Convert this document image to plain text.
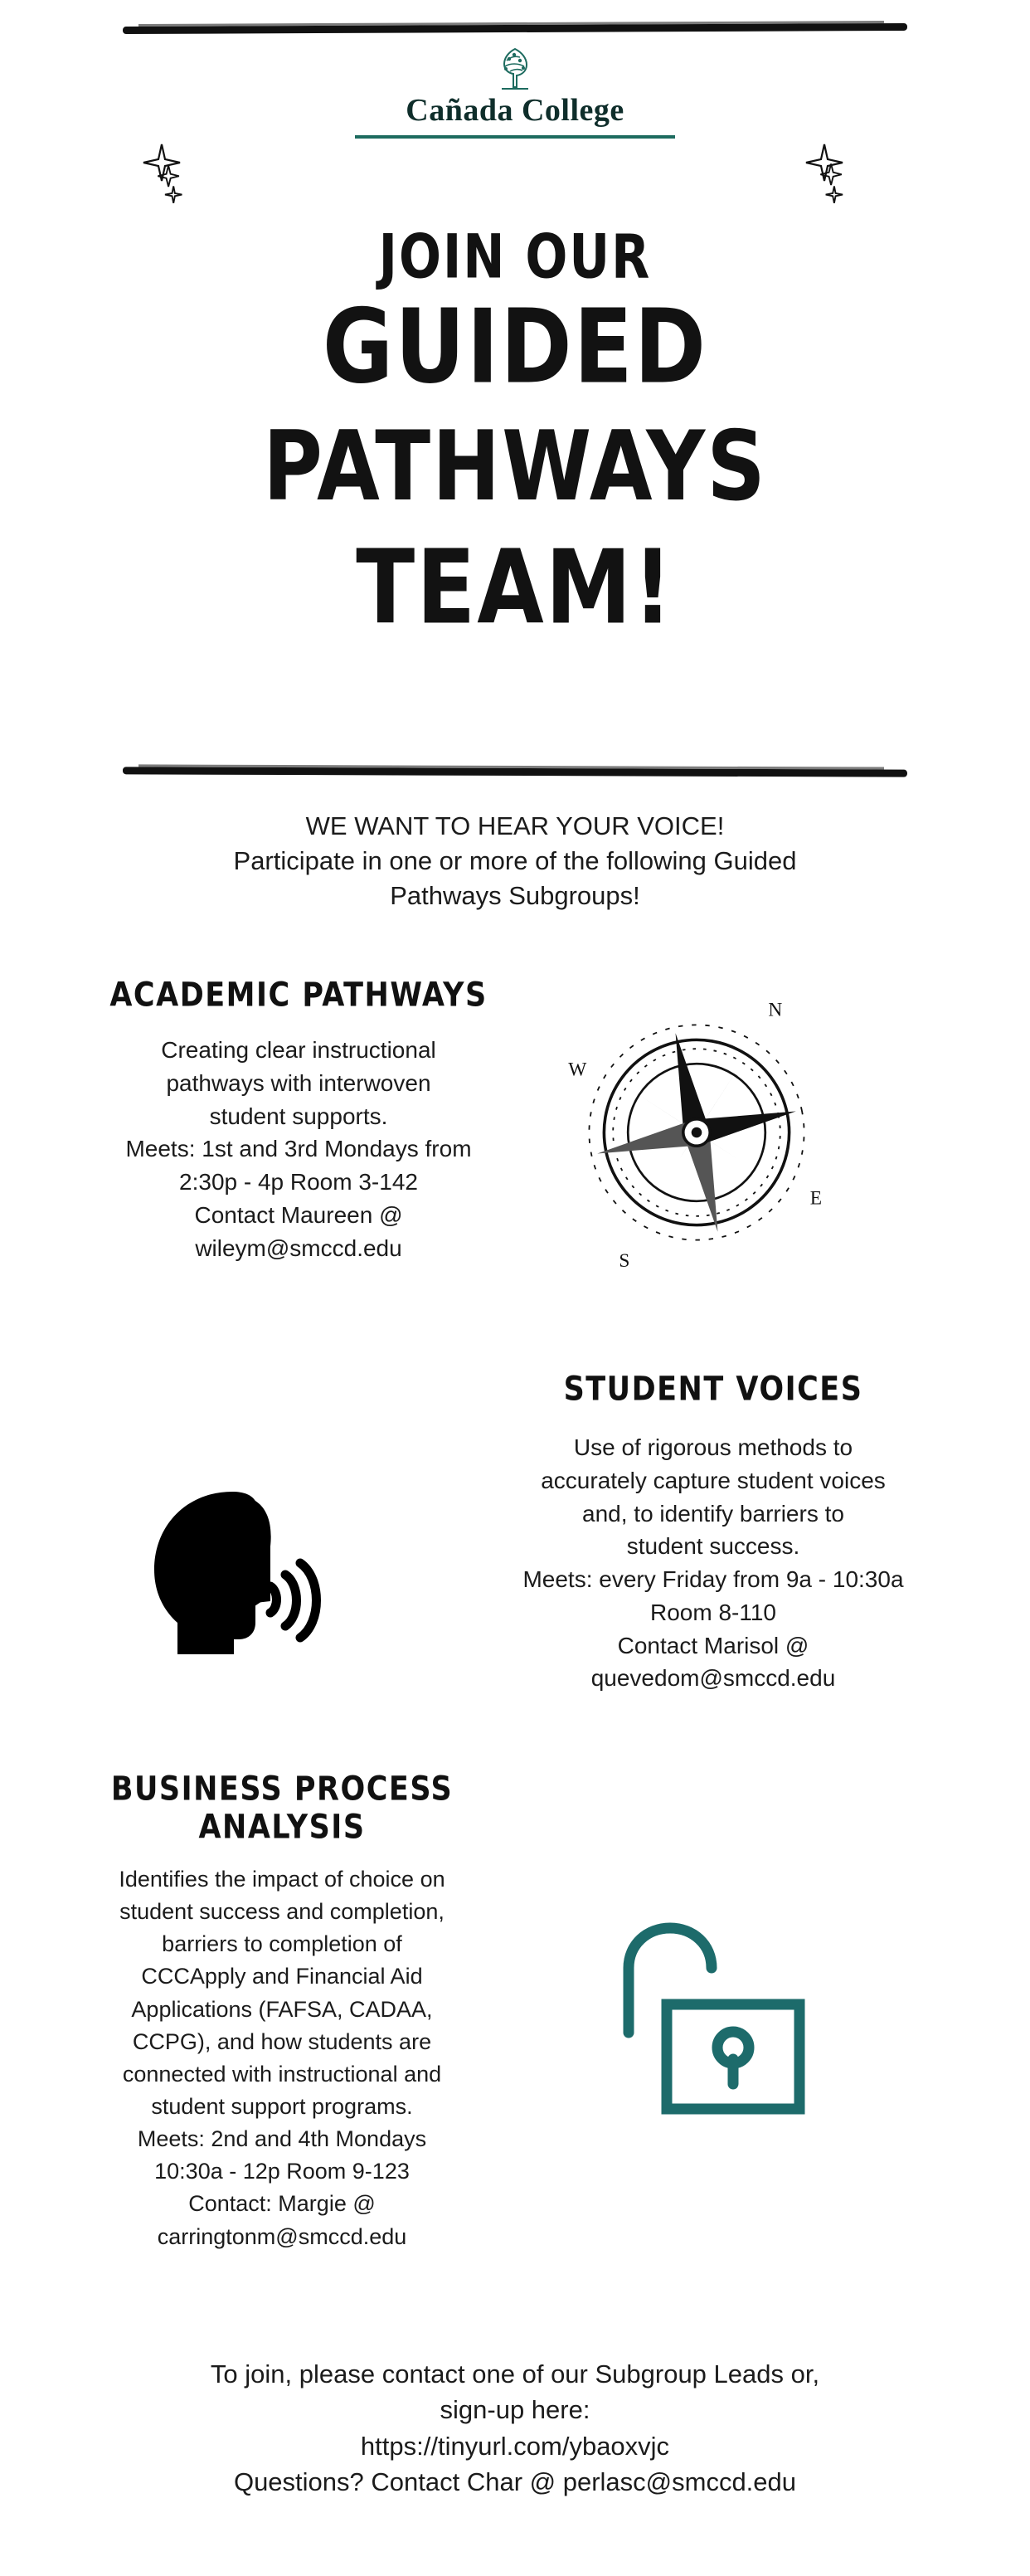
Cañada College
JOIN OUR
GUIDED
PATHWAYS
TEAM!
WE WANT TO HEAR YOUR VOICE!
Participate in one or more of the following Guided
Pathways Subgroups!
ACADEMIC PATHWAYS
Creating clear instructional
pathways with interwoven
student supports.
Meets: 1st and 3rd Mondays from
2:30p - 4p Room 3-142
Contact Maureen @
wileym@smccd.edu
N
W
E
S
STUDENT VOICES
Use of rigorous methods to
accurately capture student voices
and, to identify barriers to
student success.
Meets: every Friday from 9a - 10:30a
Room 8-110
Contact Marisol @
quevedom@smccd.edu
BUSINESS PROCESS ANALYSIS
Identifies the impact of choice on
student success and completion,
barriers to completion of
CCCApply and Financial Aid
Applications (FAFSA, CADAA,
CCPG), and how students are
connected with instructional and
student support programs.
Meets: 2nd and 4th Mondays
10:30a - 12p Room 9-123
Contact: Margie @
carringtonm@smccd.edu
To join, please contact one of our Subgroup Leads or,
sign-up here:
https://tinyurl.com/ybaoxvjc
Questions? Contact Char @ perlasc@smccd.edu
